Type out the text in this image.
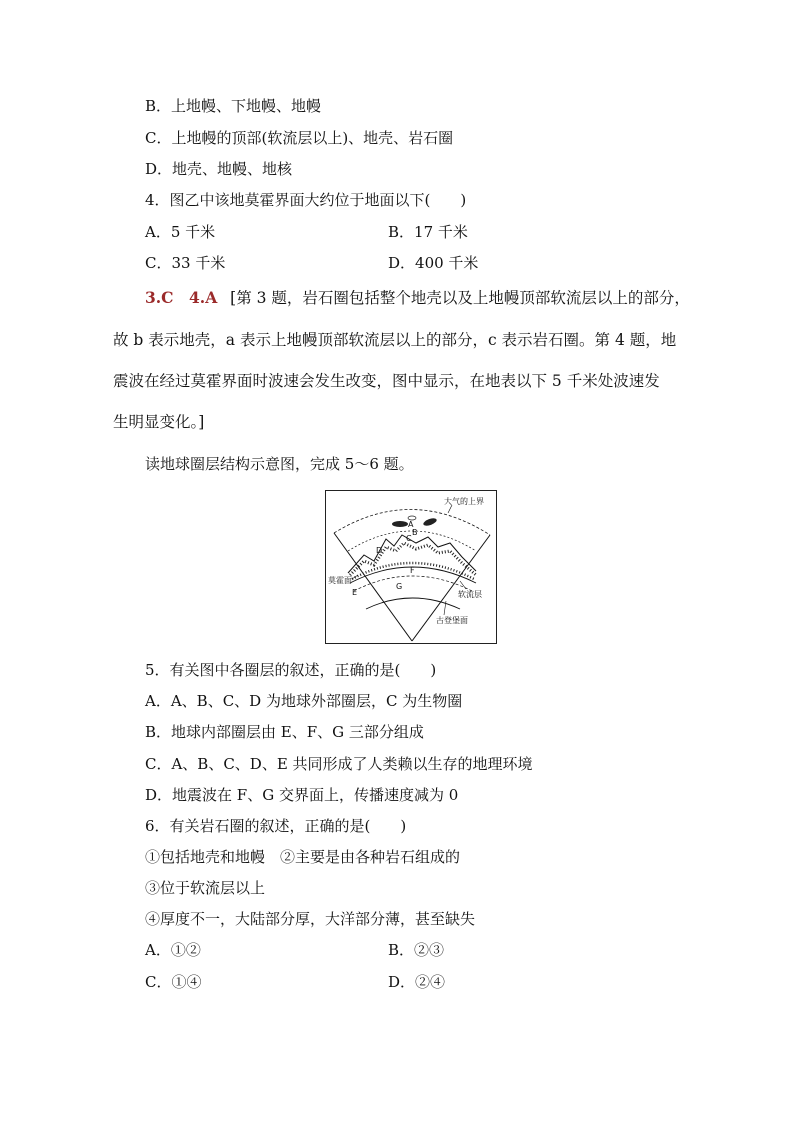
B．上地幔、下地幔、地幔
C．上地幔的顶部(软流层以上)、地壳、岩石圈
D．地壳、地幔、地核
4．图乙中该地莫霍界面大约位于地面以下(　　)
A．5 千米	B．17 千米
C．33 千米	D．400 千米
3.C　4.A [第 3 题，岩石圈包括整个地壳以及上地幔顶部软流层以上的部分，
故 b 表示地壳，a 表示上地幔顶部软流层以上的部分，c 表示岩石圈。第 4 题，地
震波在经过莫霍界面时波速会发生改变，图中显示，在地表以下 5 千米处波速发
生明显变化。]
读地球圈层结构示意图，完成 5～6 题。
大气的上界
A
B
C
D
F
G
莫霍面
E	软流层
古登堡面
5．有关图中各圈层的叙述，正确的是(　　)
A．A、B、C、D 为地球外部圈层，C 为生物圈
B．地球内部圈层由 E、F、G 三部分组成
C．A、B、C、D、E 共同形成了人类赖以生存的地理环境
D．地震波在 F、G 交界面上，传播速度减为 0
6．有关岩石圈的叙述，正确的是(　　)
①包括地壳和地幔　②主要是由各种岩石组成的
③位于软流层以上
④厚度不一，大陆部分厚，大洋部分薄，甚至缺失
A．①②	B．②③
C．①④	D．②④
